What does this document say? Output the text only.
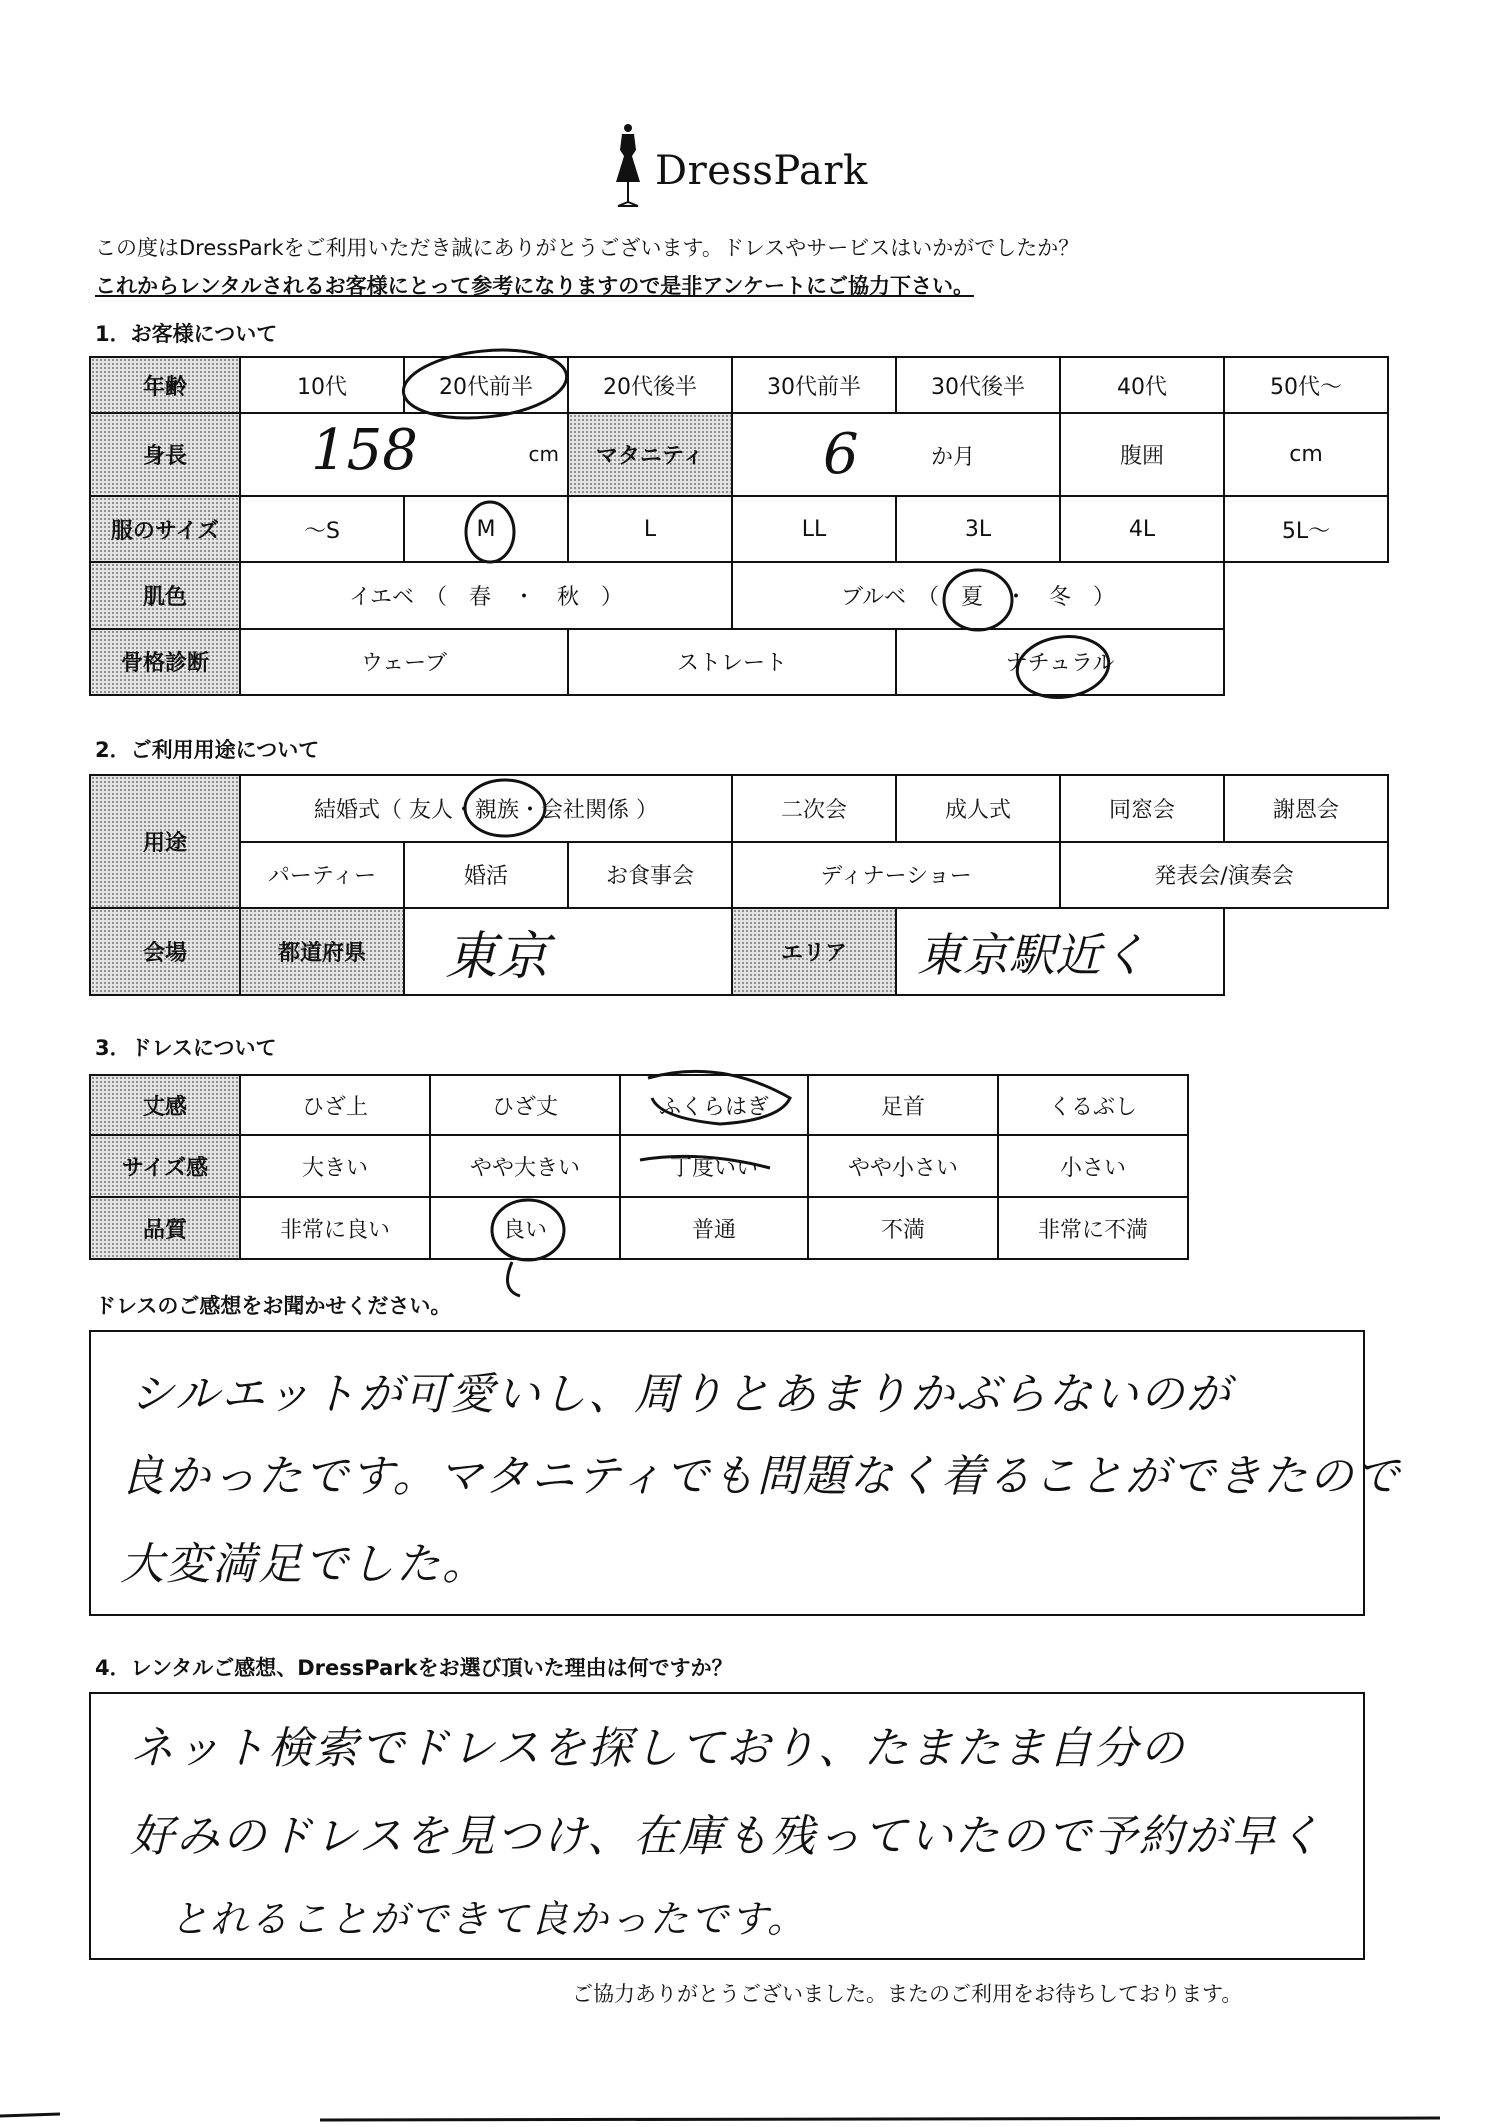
DressPark
この度はDressParkをご利用いただき誠にありがとうございます。ドレスやサービスはいかがでしたか？
これからレンタルされるお客様にとって参考になりますので是非アンケートにご協力下さい。
1．お客様について
年齢	10代	20代前半	20代後半	30代前半	30代後半	40代	50代～
身長	158 cm		マタニティ	6 か月		腹囲	cm
服のサイズ	～S	M	L	LL	3L	4L	5L～
肌色	イエベ　（　春　・　秋　）			ブルベ　（　夏　・　冬　）			
骨格診断	ウェーブ		ストレート		ナチュラル		
2．ご利用用途について
用途	結婚式（ 友人・親族・会社関係 ）			二次会	成人式	同窓会	謝恩会
	パーティー	婚活	お食事会	ディナーショー		発表会/演奏会	
会場	都道府県	東京		エリア	東京駅近く		
3．ドレスについて
丈感	ひざ上	ひざ丈	ふくらはぎ	足首	くるぶし
サイズ感	大きい	やや大きい	丁度いい	やや小さい	小さい
品質	非常に良い	良い	普通	不満	非常に不満
ドレスのご感想をお聞かせください。
シルエットが可愛いし、周りとあまりかぶらないのが
良かったです。マタニティでも問題なく着ることができたので
大変満足でした。
4．レンタルご感想、DressParkをお選び頂いた理由は何ですか？
ネット検索でドレスを探しており、たまたま自分の
好みのドレスを見つけ、在庫も残っていたので予約が早く
とれることができて良かったです。
ご協力ありがとうございました。またのご利用をお待ちしております。
